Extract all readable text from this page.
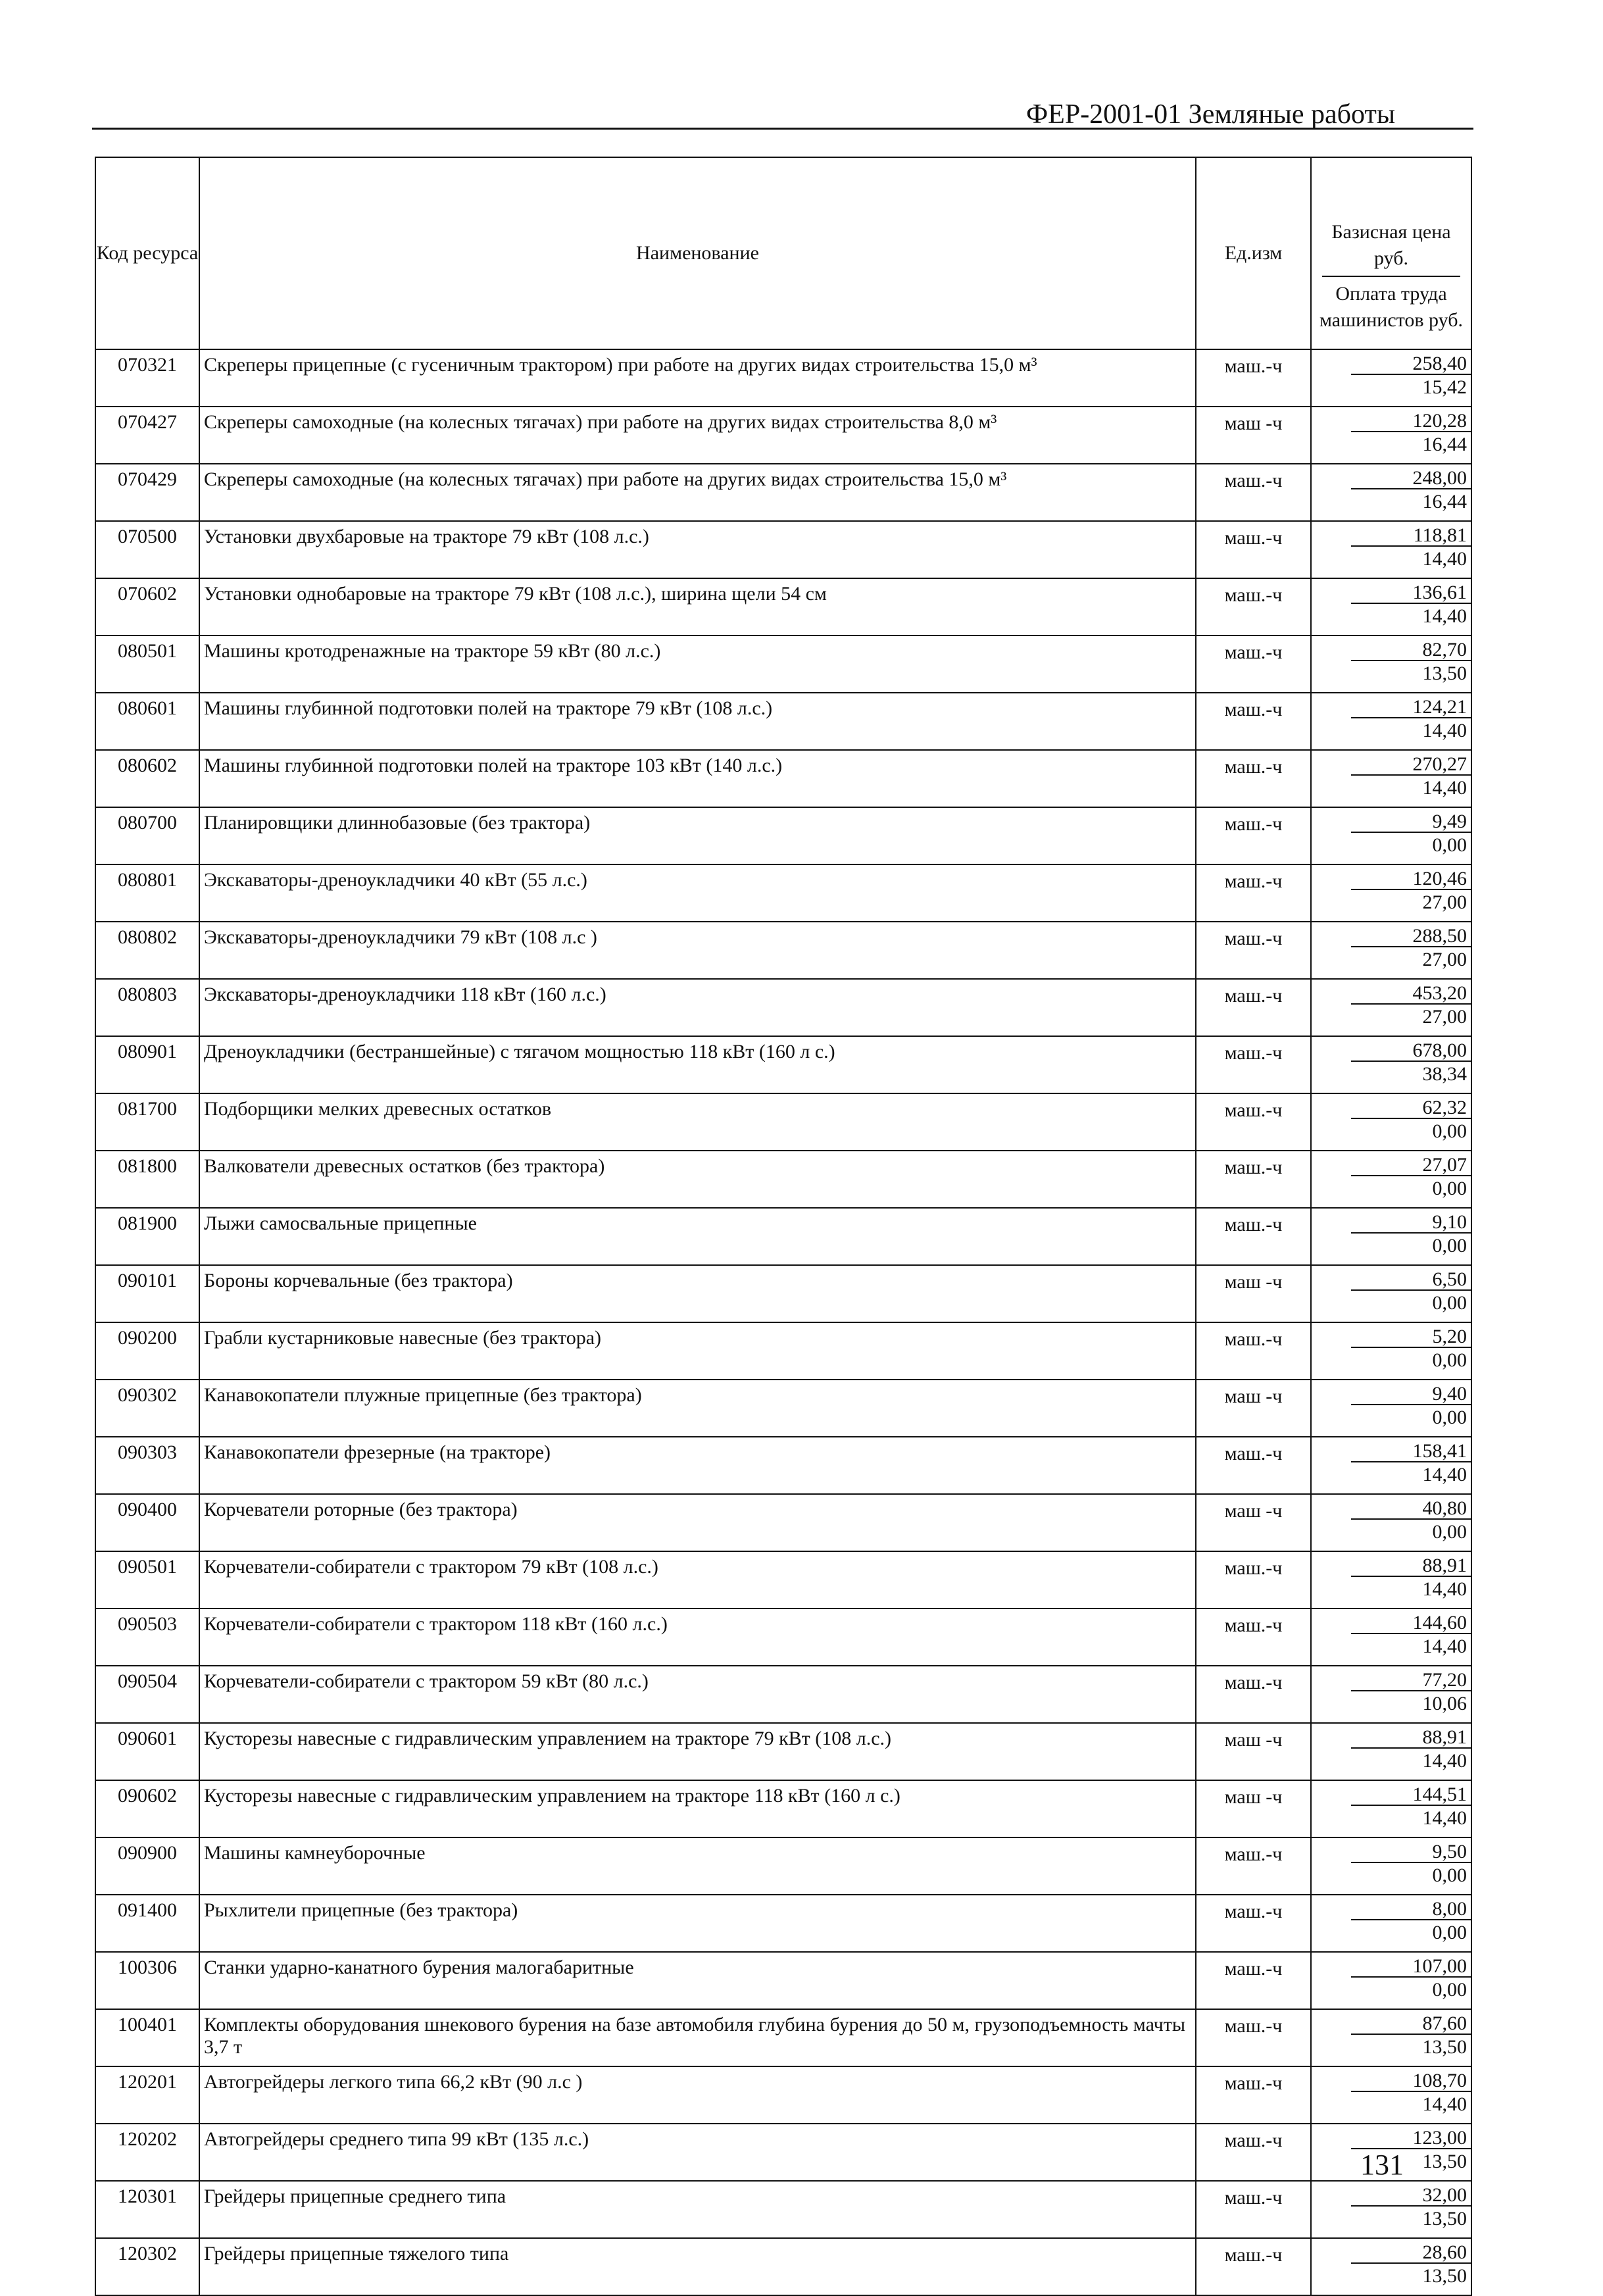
ФЕР-2001-01 Земляные работы
Код ресурса	Наименование	Ед.изм	Базисная цена руб.
Оплата труда машинистов руб.

070321	Скреперы прицепные (с гусеничным трактором) при работе на других видах строительства 15,0 м³	маш.-ч	258,40
15,42

070427	Скреперы самоходные (на колесных тягачах) при работе на других видах строительства 8,0 м³	маш -ч	120,28
16,44

070429	Скреперы самоходные (на колесных тягачах) при работе на других видах строительства 15,0 м³	маш.-ч	248,00
16,44

070500	Установки двухбаровые на тракторе 79 кВт (108 л.с.)	маш.-ч	118,81
14,40

070602	Установки однобаровые на тракторе 79 кВт (108 л.с.), ширина щели 54 см	маш.-ч	136,61
14,40

080501	Машины кротодренажные на тракторе 59 кВт (80 л.с.)	маш.-ч	82,70
13,50

080601	Машины глубинной подготовки полей на тракторе 79 кВт (108 л.с.)	маш.-ч	124,21
14,40

080602	Машины глубинной подготовки полей на тракторе 103 кВт (140 л.с.)	маш.-ч	270,27
14,40

080700	Планировщики длиннобазовые (без трактора)	маш.-ч	9,49
0,00

080801	Экскаваторы-дреноукладчики 40 кВт (55 л.с.)	маш.-ч	120,46
27,00

080802	Экскаваторы-дреноукладчики 79 кВт (108 л.с )	маш.-ч	288,50
27,00

080803	Экскаваторы-дреноукладчики 118 кВт (160 л.с.)	маш.-ч	453,20
27,00

080901	Дреноукладчики (бестраншейные) с тягачом мощностью 118 кВт (160 л с.)	маш.-ч	678,00
38,34

081700	Подборщики мелких древесных остатков	маш.-ч	62,32
0,00

081800	Валкователи древесных остатков (без трактора)	маш.-ч	27,07
0,00

081900	Лыжи самосвальные прицепные	маш.-ч	9,10
0,00

090101	Бороны корчевальные (без трактора)	маш -ч	6,50
0,00

090200	Грабли кустарниковые навесные (без трактора)	маш.-ч	5,20
0,00

090302	Канавокопатели плужные прицепные (без трактора)	маш -ч	9,40
0,00

090303	Канавокопатели фрезерные (на тракторе)	маш.-ч	158,41
14,40

090400	Корчеватели роторные (без трактора)	маш -ч	40,80
0,00

090501	Корчеватели-собиратели с трактором 79 кВт (108 л.с.)	маш.-ч	88,91
14,40

090503	Корчеватели-собиратели с трактором 118 кВт (160 л.с.)	маш.-ч	144,60
14,40

090504	Корчеватели-собиратели с трактором 59 кВт (80 л.с.)	маш.-ч	77,20
10,06

090601	Кусторезы навесные с гидравлическим управлением на тракторе 79 кВт (108 л.с.)	маш -ч	88,91
14,40

090602	Кусторезы навесные с гидравлическим управлением на тракторе 118 кВт (160 л с.)	маш -ч	144,51
14,40

090900	Машины камнеуборочные	маш.-ч	9,50
0,00

091400	Рыхлители прицепные (без трактора)	маш.-ч	8,00
0,00

100306	Станки ударно-канатного бурения малогабаритные	маш.-ч	107,00
0,00

100401	Комплекты оборудования шнекового бурения на базе автомобиля глубина бурения до 50 м, грузоподъемность мачты 3,7 т	маш.-ч	87,60
13,50

120201	Автогрейдеры легкого типа 66,2 кВт (90 л.с )	маш.-ч	108,70
14,40

120202	Автогрейдеры среднего типа 99 кВт (135 л.с.)	маш.-ч	123,00
13,50

120301	Грейдеры прицепные среднего типа	маш.-ч	32,00
13,50

120302	Грейдеры прицепные тяжелого типа	маш.-ч	28,60
13,50
131
